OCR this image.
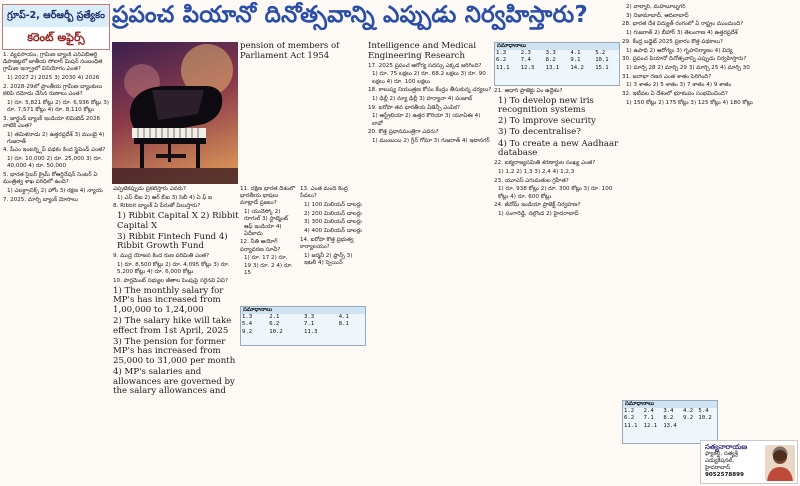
గ్రూప్-2, ఆర్ఆర్బీ ప్రత్యేకం
కరెంట్ అఫైర్స్
ప్రపంచ పియానో దినోత్సవాన్ని ఎప్పుడు నిర్వహిస్తారు?

1. వ్యవసాయం, గ్రామీణ బ్యాంక్ ఎన్ఏబీఆర్డీ డిపాజిట్లలో జాతీయ సోలార్ మిషన్ సంబంధిత గ్రామీణ ఇన్ఫ్రాలో వినియోగం ఎంత?

1) 2027 2) 2025 3) 2030 4) 2026

2. 2028-29లో ప్రాంతీయ గ్రామీణ బ్యాంకులు కలిపి నమోదు చేసిన రుణాలు ఎంత?

1) రూ. 5,821 కోట్లు 2) రూ. 6,936 కోట్లు 3) రూ. 7,571 కోట్లు 4) రూ. 8,110 కోట్లు

3. జార్ఖండ్ బ్యాంక్ ఇండియా లిమిటెడ్ 2026 నాటికి ఎంత?

1) తమిళనాడు 2) ఉత్తరప్రదేశ్ 3) ముంబై 4) గుజరాత్

4. పీఎం ఇంటర్న్షిప్ పథకం కింద స్టైపెండ్ ఎంత?

1) రూ. 10,000 2) రూ. 25,000 3) రూ. 40,000 4) రూ. 50,000

5. భారత సైబర్ క్రైమ్ కోఆర్డినేషన్ సెంటర్ ఏ మంత్రిత్వ శాఖ పరిధిలో ఉంది?

1) ఎలక్ట్రానిక్స్ 2) హోం 3) రక్షణ 4) న్యాయ

7. 2025, మార్చి బ్యాంక్ మోసాలు

ఎప్పటికప్పుడు ప్రకటిస్తారు ఎవరు?

1) ఎస్ బీఐ 2) ఆర్ బీఐ 3) సెబీ 4) ఏ ఫ్ ఐ

8. Ribbit బ్యాంక్ ఏ పేరుతో పిలుస్తారు?

1) Ribbit Capital X 2) Ribbit Capital X

3) Ribbit Fintech Fund 4) Ribbit Growth Fund

9. ముద్ర యోజన కింద రుణ పరిమితి ఎంత?

1) రూ. 8,500 కోట్లు 2) రూ. 4,095 కోట్లు 3) రూ. 5,200 కోట్లు 4) రూ. 6,000 కోట్లు

10. పార్లమెంట్ సభ్యుల జీతాల పెంపుపై సరైనవి ఏవి?

1) The monthly salary for MP's has increased from 1,00,000 to 1,24,000

2) The salary hike will take effect from 1st April, 2025

3) The pension for former MP's has increased from 25,000 to 31,000 per month

4) MP's salaries and allowances are governed by the salary allowances and

pension of members of Parliament Act 1954

11. దక్షిణ భారత దేశంలో భారతీయ భాషలు మాట్లాడే ప్రజలు?

1) యునెస్కో 2) గూగుల్ 3) స్టాట్మెంట్ ఆఫ్ ఇండియా 4) ఏదీకాదు

12. నీతి ఆయోగ్ పర్యావరణ సూచీ?

1) రూ. 17 2) రూ. 19 3) రూ. 2 4) రూ. 15

13. ఎంత మంది కేంద్ర సేవలు?

1) 100 మిలియన్ డాలర్లు

2) 200 మిలియన్ డాలర్లు

3) 300 మిలియన్ డాలర్లు

4) 400 మిలియన్ డాలర్లు

14. ఐరోపా కొత్త ప్రభుత్వ కార్యాలయం?

1) జర్మనీ 2) ఫ్రాన్స్ 3) ఇటలీ 4) స్పెయిన్

సమాధానాలు
1.3	2.1	3.3	4.1
5.4	6.2	7.1	8.1
9.2	10.2	11.3	

Intelligence and Medical Engineering Research

17. 2025 ప్రపంచ ఆరోగ్య సదస్సు ఎక్కడ జరిగింది?

1) రూ. 75 లక్షలు 2) రూ. 68.2 లక్షలు 3) రూ. 90 లక్షలు 4) రూ. 100 లక్షలు

18. కాలుష్య నియంత్రణ కోసం కేంద్రం తీసుకున్న చర్యలు?

1) ఢిల్లీ 2) న్యూ ఢిల్లీ 3) హర్యానా 4) పంజాబ్

19. ఐరోపా తన భారతీయ ఏజెన్సీ ఎంపిక?

1) ఆస్ట్రేలియా 2) ఉత్తర కొరియా 3) యూఏఈ 4) లావో

20. కొత్త ప్రధానమంత్రిగా ఎవరు?

1) ముంబయి 2) గ్రీన్ గోమా 3) గుజరాత్ 4) ఇటానగర్

సమాధానాలు
1.3	2.3	3.3	4.1	5.2
6.2	7.4	8.2	9.1	10.1
11.1	12.3	13.1	14.2	15.1

21. ఆధార్ ప్రాజెక్టు ఏం ఉద్దేశం?

1) To develop new iris recognition systems

2) To improve security

3) To decentralise?

4) To create a new Aadhaar database

22. ఐక్యరాజ్యసమితి శరణార్థుల సంఖ్య ఎంత?

1) 1,2 2) 1,3 3) 2,4 4) 1,2,3

23. యూఎస్ ఎగుమతుల గ్రహీత?

1) రూ. 938 కోట్లు 2) రూ. 300 కోట్లు 3) రూ. 100 కోట్లు 4) రూ. 600 కోట్లు

24. జీనోమ్ ఇండియా ప్రాజెక్ట్ నిర్వహణ?

1) సంగారెడ్డి, నల్గొండ 2) హైదరాబాద్

2) వాల్మార్, మహబూబ్నగర్

3) నిజామాబాద్, ఆదిలాబాద్

28. భారత దేశ విద్యుత్ రంగంలో ఏ రాష్ట్రం ముందుంది?

1) గుజరాత్ 2) బీహార్ 3) తెలంగాణ 4) ఉత్తరప్రదేశ్

29. కేంద్ర బడ్జెట్ 2025 ప్రకారం కొత్త పథకాలు?

1) ఉపాధి 2) ఆరోగ్యం 3) గృహనిర్మాణం 4) విద్య

30. ప్రపంచ పియానో దినోత్సవాన్ని ఎప్పుడు నిర్వహిస్తారు?

1) మార్చి 28 2) మార్చి 29 3) మార్చి 25 4) మార్చి 30

31. జనాభా గణన ఎంత శాతం పెరిగింది?

1) 3 శాతం 2) 5 శాతం 3) 7 శాతం 4) 9 శాతం

32. ఇటీవల ఏ దేశంలో భూకంపం సంభవించింది?

1) 150 కోట్లు 2) 175 కోట్లు 3) 125 కోట్లు 4) 180 కోట్లు

సమాధానాలు
1.2	2.4	3.4	4.2	5.4
6.2	7.1	8.2	9.2	10.2
11.1	12.1	13.4		
సత్యనారాయణ
ఫ్యాకల్టీ, సత్యశ్రీ
ఎడ్యుకేషనల్, హైదరాబాద్
9052578899
